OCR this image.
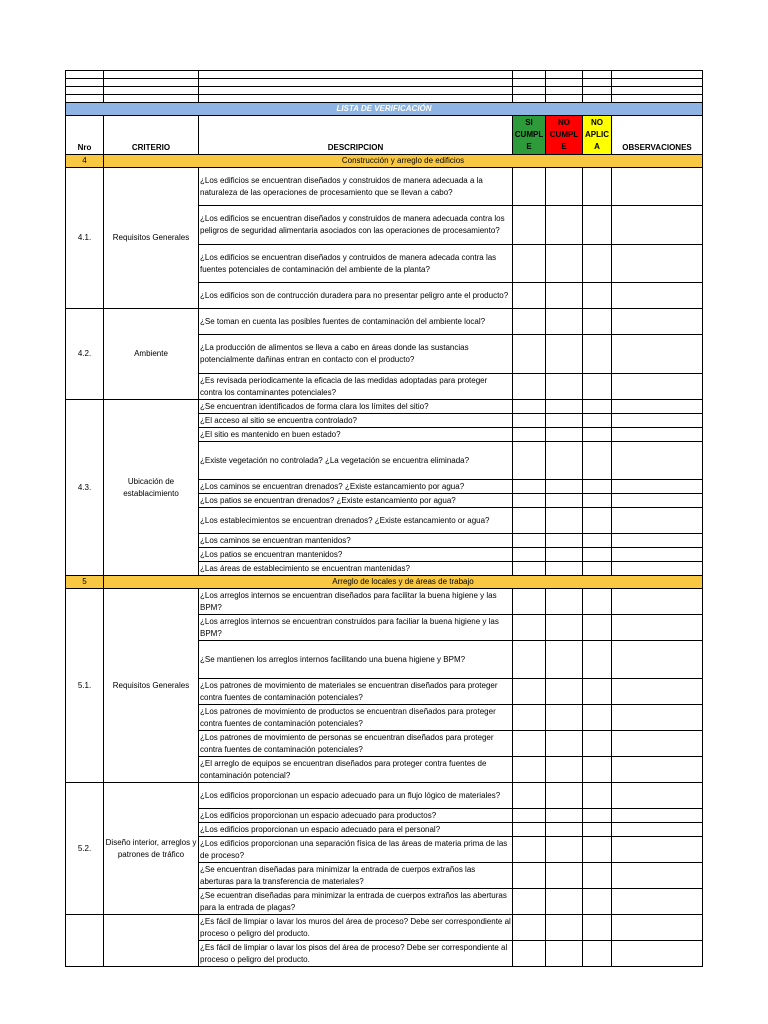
LISTA DE VERIFICACIÓN						
Nro	CRITERIO	DESCRIPCION	SI CUMPL E	NO CUMPL E	NO APLIC A	OBSERVACIONES
4	Construcción y arreglo de edificios					
4.1.	Requisitos Generales	¿Los edificios se encuentran diseñados y construidos de manera adecuada a la naturaleza de las operaciones de procesamiento que se llevan a cabo?				

		¿Los edificios se encuentran diseñados y construidos de manera adecuada contra los peligros de seguridad alimentaria asociados con las operaciones de procesamiento?				

		¿Los edificios se encuentran diseñados y contruidos de manera adecada contra las fuentes potenciales de contaminación del ambiente de la planta?				

		¿Los edificios son de contrucción duradera para no presentar peligro ante el producto?				

4.2.	Ambiente	¿Se toman en cuenta las posibles fuentes de contaminación del ambiente local?				

		¿La producción de alimentos se lleva a cabo en áreas donde las sustancias potencialmente dañinas entran en contacto con el producto?				

		¿Es revisada periodicamente la eficacia de las medidas adoptadas para proteger contra los contaminantes potenciales?				

4.3.	Ubicación de establacimiento	¿Se encuentran identificados de forma clara los límites del sitio?				

		¿El acceso al sitio se encuentra controlado?				

		¿El sitio es mantenido en buen estado?				

		¿Existe vegetación no controlada? ¿La vegetación se encuentra eliminada?				

		¿Los caminos se encuentran drenados? ¿Existe estancamiento por agua?				

		¿Los patios se encuentran drenados? ¿Existe estancamiento por agua?				

		¿Los establecimientos se encuentran drenados? ¿Existe estancamiento or agua?				

		¿Los caminos se encuentran mantenidos?				

		¿Los patios se encuentran mantenidos?				

		¿Las áreas de establecimiento se encuentran mantenidas?				

5	Arreglo de locales y de áreas de trabajo					
5.1.	Requisitos Generales	¿Los arreglos internos se encuentran diseñados para facilitar la buena higiene y las BPM?				

		¿Los arreglos internos se encuentran construidos para faciliar la buena higiene y las BPM?				

		¿Se mantienen los arreglos internos facilitando una buena higiene y BPM?				

		¿Los patrones de movimiento de materiales se encuentran diseñados para proteger contra fuentes de contaminación potenciales?				

		¿Los patrones de movimiento de productos se encuentran diseñados para proteger contra fuentes de contaminación potenciales?				

		¿Los patrones de movimiento de personas se encuentran diseñados para proteger contra fuentes de contaminación potenciales?				

		¿El arreglo de equipos se encuentran diseñados para proteger contra fuentes de contaminación potencial?				

5.2.	Diseño interior, arreglos y patrones de tráfico	¿Los edificios proporcionan un espacio adecuado para un flujo lógico de materiales?				

		¿Los edificios proporcionan un espacio adecuado para productos?				

		¿Los edificios proporcionan un espacio adecuado para el personal?				

		¿Los edificios proporcionan una separación física de las áreas de materia prima de las de proceso?				

		¿Se encuentran diseñadas para minimizar la entrada de cuerpos extraños las aberturas para la transferencia de materiales?				

		¿Se ecuentran diseñadas para minimizar la entrada de cuerpos extraños las aberturas para la entrada de plagas?				

		¿Es fácil de limpiar o lavar los muros del área de proceso? Debe ser correspondiente al proceso o peligro del producto.				

		¿Es fácil de limpiar o lavar los pisos del área de proceso? Debe ser correspondiente al proceso o peligro del producto.				
